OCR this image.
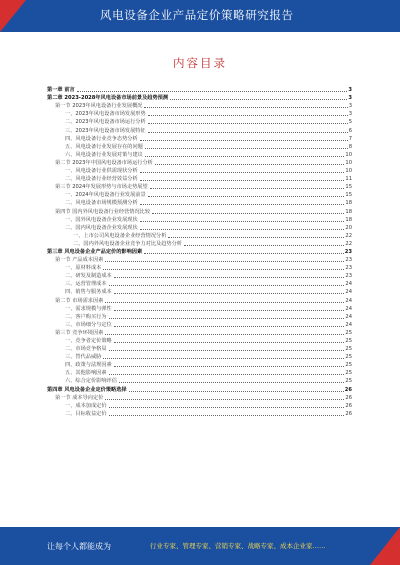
风电设备企业产品定价策略研究报告
内容目录
第一章 前言	3
第二章 2023-2028年风电设备市场前景及趋势预测	3
第一节 2023年风电设备行业发展概况	3
一、2023年风电设备市场发展形势	3
二、2023年风电设备市场运行分析	5
三、2023年风电设备市场发展特征	6
四、风电设备行业竞争态势分析	7
五、风电设备行业发展存在的问题	8
六、风电设备行业发展对策与建议	10
第二节 2023年中国风电设备市场运行分析	10
一、风电设备行业供需现状分析	10
二、风电设备行业经营效益分析	11
第三节 2024年发展形势与市场走势展望	15
一、2024年风电设备行业发展前景	15
二、风电设备市场规模预测分析	18
第四节 国内外风电设备行业经营情况比较	18
一、国外风电设备企业发展现状	18
二、国内风电设备企业发展现状	20
一、上市公司风电设备企业经营情况分析	22
二、国内外风电设备企业竞争力对比及趋势分析	22
第三章 风电设备企业产品定价的影响因素	23
第一节 产品成本因素	23
一、原材料成本	23
二、研发及制造成本	23
三、运营管理成本	24
四、销售与服务成本	24
第二节 市场需求因素	24
一、需求规模与弹性	24
二、客户购买行为	24
三、市场细分与定位	24
第三节 竞争环境因素	25
一、竞争者定价策略	25
二、市场竞争格局	25
三、替代品威胁	25
四、政策与法规因素	25
五、其他影响因素	25
六、综合定价影响评估	25
第四章 风电设备企业定价策略选择	26
第一节 成本导向定价	26
一、成本加成定价	26
二、目标收益定价	26
让每个人都能成为	行业专家、管理专家、营销专家、战略专家、成本企业家……
